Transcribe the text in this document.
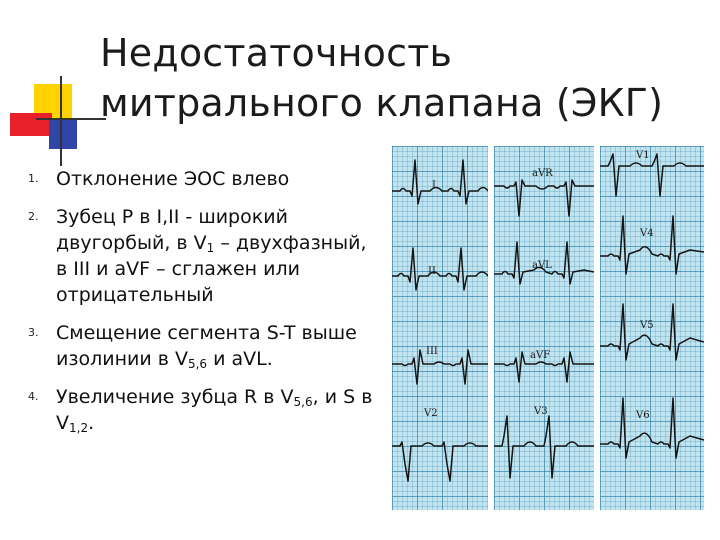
Недостаточность
митрального клапана (ЭКГ)
1. Отклонение ЭОС влево
2. Зубец Р в I,II - широкий двугорбый, в $V_1$ – двухфазный, в III и aVF – сглажен или отрицательный
3. Смещение сегмента S-T выше изолинии в $V_{5,6}$ и aVL.
4. Увеличение зубца R в $V_{5,6}$, и S в $V_{1,2}$.
I
II
III
V2
aVR
aVL
aVF
V3
V1
V4
V5
V6
